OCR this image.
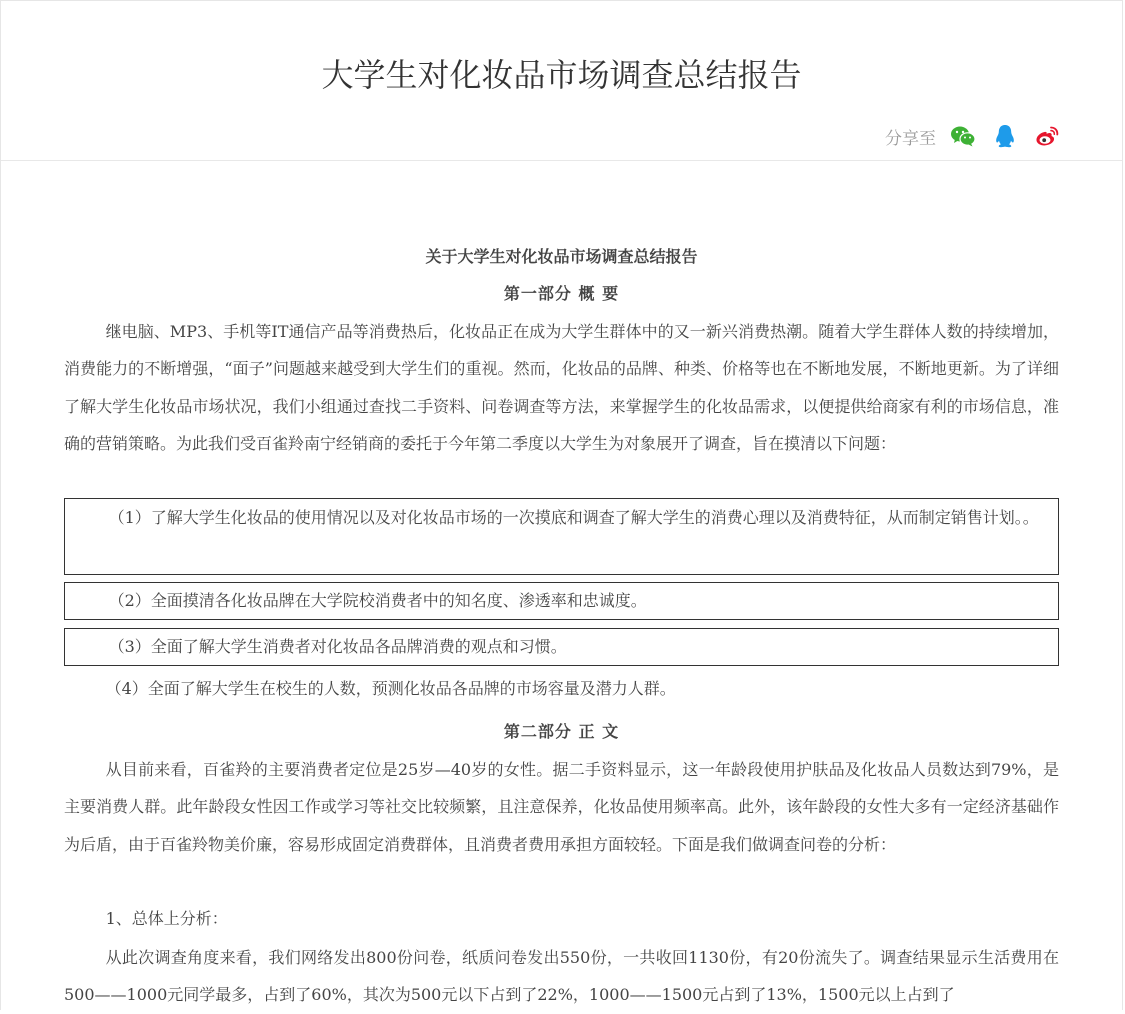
大学生对化妆品市场调查总结报告
分享至

关于大学生对化妆品市场调查总结报告

第一部分 概 要

继电脑、MP3、手机等IT通信产品等消费热后，化妆品正在成为大学生群体中的又一新兴消费热潮。随着大学生群体人数的持续增加，消费能力的不断增强，“面子”问题越来越受到大学生们的重视。然而，化妆品的品牌、种类、价格等也在不断地发展，不断地更新。为了详细了解大学生化妆品市场状况，我们小组通过查找二手资料、问卷调查等方法，来掌握学生的化妆品需求，以便提供给商家有利的市场信息，准确的营销策略。为此我们受百雀羚南宁经销商的委托于今年第二季度以大学生为对象展开了调查，旨在摸清以下问题：

（1）了解大学生化妆品的使用情况以及对化妆品市场的一次摸底和调查了解大学生的消费心理以及消费特征，从而制定销售计划。。

（2）全面摸清各化妆品牌在大学院校消费者中的知名度、渗透率和忠诚度。

（3）全面了解大学生消费者对化妆品各品牌消费的观点和习惯。

（4）全面了解大学生在校生的人数，预测化妆品各品牌的市场容量及潜力人群。

第二部分 正 文

从目前来看，百雀羚的主要消费者定位是25岁—40岁的女性。据二手资料显示，这一年龄段使用护肤品及化妆品人员数达到79%，是主要消费人群。此年龄段女性因工作或学习等社交比较频繁，且注意保养，化妆品使用频率高。此外，该年龄段的女性大多有一定经济基础作为后盾，由于百雀羚物美价廉，容易形成固定消费群体，且消费者费用承担方面较轻。下面是我们做调查问卷的分析：

1、总体上分析：

从此次调查角度来看，我们网络发出800份问卷，纸质问卷发出550份，一共收回1130份，有20份流失了。调查结果显示生活费用在500——1000元同学最多，占到了60%，其次为500元以下占到了22%，1000——1500元占到了13%，1500元以上占到了
